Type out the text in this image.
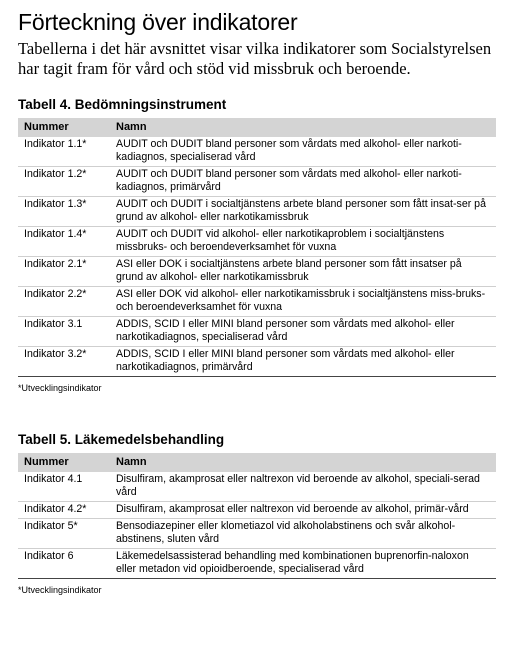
Förteckning över indikatorer

Tabellerna i det här avsnittet visar vilka indikatorer som Socialstyrelsen har tagit fram för vård och stöd vid missbruk och beroende.

Tabell 4. Bedömningsinstrument

Nummer	Namn
Indikator 1.1*	AUDIT och DUDIT bland personer som vårdats med alkohol- eller narkoti-kadiagnos, specialiserad vård
Indikator 1.2*	AUDIT och DUDIT bland personer som vårdats med alkohol- eller narkoti-kadiagnos, primärvård
Indikator 1.3*	AUDIT och DUDIT i socialtjänstens arbete bland personer som fått insat-ser på grund av alkohol- eller narkotikamissbruk
Indikator 1.4*	AUDIT och DUDIT vid alkohol- eller narkotikaproblem i socialtjänstens missbruks- och beroendeverksamhet för vuxna
Indikator 2.1*	ASI eller DOK i socialtjänstens arbete bland personer som fått insatser på grund av alkohol- eller narkotikamissbruk
Indikator 2.2*	ASI eller DOK vid alkohol- eller narkotikamissbruk i socialtjänstens miss-bruks- och beroendeverksamhet för vuxna
Indikator 3.1	ADDIS, SCID I eller MINI bland personer som vårdats med alkohol- eller narkotikadiagnos, specialiserad vård
Indikator 3.2*	ADDIS, SCID I eller MINI bland personer som vårdats med alkohol- eller narkotikadiagnos, primärvård
*Utvecklingsindikator

Tabell 5. Läkemedelsbehandling

Nummer	Namn
Indikator 4.1	Disulfiram, akamprosat eller naltrexon vid beroende av alkohol, speciali-serad vård
Indikator 4.2*	Disulfiram, akamprosat eller naltrexon vid beroende av alkohol, primär-vård
Indikator 5*	Bensodiazepiner eller klometiazol vid alkoholabstinens och svår alkohol-abstinens, sluten vård
Indikator 6	Läkemedelsassisterad behandling med kombinationen buprenorfin-naloxon eller metadon vid opioidberoende, specialiserad vård
*Utvecklingsindikator
